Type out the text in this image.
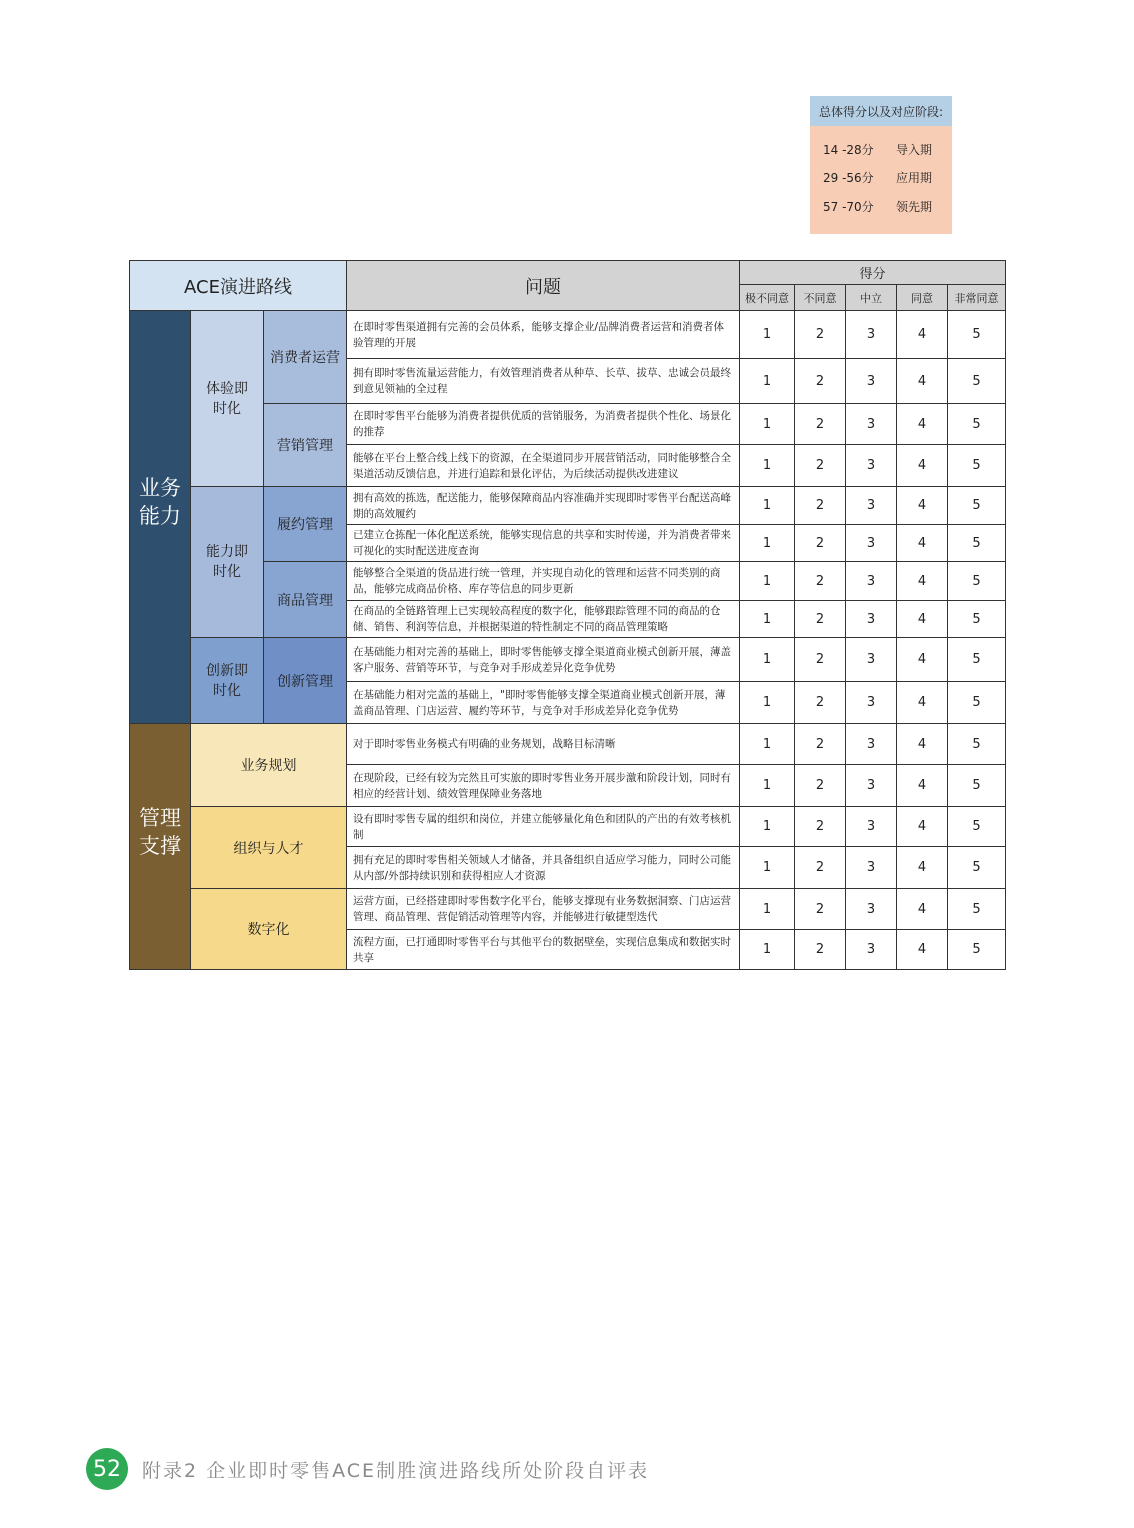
总体得分以及对应阶段:
14 -28分	导入期
29 -56分	应用期
57 -70分	领先期
ACE演进路线			问题	得分				
				极不同意	不同意	中立	同意	非常同意
业务能力	体验即时化	消费者运营	在即时零售渠道拥有完善的会员体系，能够支撑企业/品牌消费者运营和消费者体验管理的开展	1	2	3	4	5
			拥有即时零售流量运营能力，有效管理消费者从种草、长草、拔草、忠诚会员最终到意见领袖的全过程	1	2	3	4	5
		营销管理	在即时零售平台能够为消费者提供优质的营销服务，为消费者提供个性化、场景化的推荐	1	2	3	4	5
			能够在平台上整合线上线下的资源，在全渠道同步开展营销活动，同时能够整合全渠道活动反馈信息，并进行追踪和景化评估，为后续活动提供改进建议	1	2	3	4	5
	能力即时化	履约管理	拥有高效的拣选，配送能力，能够保障商品内容准确并实现即时零售平台配送高峰期的高效履约	1	2	3	4	5
			已建立仓拣配一体化配送系统，能够实现信息的共享和实时传递，并为消费者带来可视化的实时配送进度查询	1	2	3	4	5
		商品管理	能够整合全渠道的货品进行统一管理，并实现自动化的管理和运营不同类别的商品，能够完成商品价格、库存等信息的同步更新	1	2	3	4	5
			在商品的全链路管理上已实现较高程度的数字化，能够跟踪管理不同的商品的仓储、销售、利润等信息，并根据渠道的特性制定不同的商品管理策略	1	2	3	4	5
	创新即时化	创新管理	在基础能力相对完善的基础上，即时零售能够支撑全渠道商业模式创新开展，薄盖客户服务、营销等环节，与竞争对手形成差异化竞争优势	1	2	3	4	5
			在基础能力相对完盖的基础上，"即时零售能够支撑全渠道商业模式创新开展，薄盖商品管理、门店运营、履约等环节，与竞争对手形成差异化竞争优势	1	2	3	4	5
管理支撑	业务规划		对于即时零售业务模式有明确的业务规划，战略目标清晰	1	2	3	4	5
			在现阶段，已经有较为完然且可实旅的即时零售业务开展步激和阶段计划，同时有相应的经营计划、绩效管理保障业务落地	1	2	3	4	5
	组织与人才		设有即时零售专属的组织和岗位，并建立能够量化角色和团队的产出的有效考核机制	1	2	3	4	5
			拥有充足的即时零售相关领域人才储备，并具备组织自适应学习能力，同时公司能从内部/外部持续识别和获得相应人才资源	1	2	3	4	5
	数字化		运营方面，已经搭建即时零售数字化平台，能够支撑现有业务数据洞察、门店运营管理、商品管理、营促销活动管理等内容，并能够进行敏捷型迭代	1	2	3	4	5
			流程方面，已打通即时零售平台与其他平台的数据壁垒，实现信息集成和数据实时共享	1	2	3	4	5
52	附录2 企业即时零售ACE制胜演进路线所处阶段自评表
